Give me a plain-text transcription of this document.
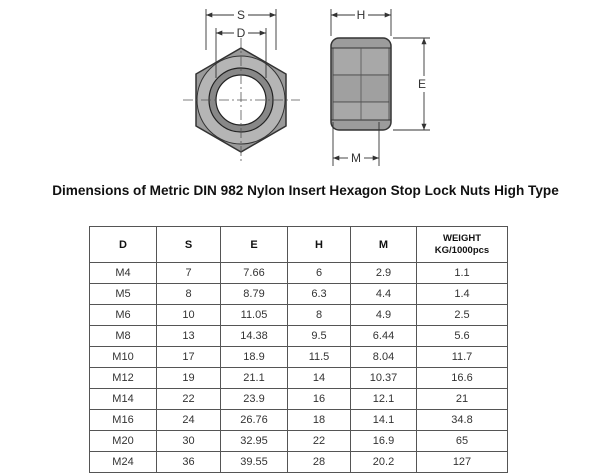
S
D
H
E
M
Dimensions of Metric DIN 982 Nylon Insert Hexagon Stop Lock Nuts High Type
D	S	E	H	M	WEIGHT
KG/1000pcs
M4	7	7.66	6	2.9	1.1
M5	8	8.79	6.3	4.4	1.4
M6	10	11.05	8	4.9	2.5
M8	13	14.38	9.5	6.44	5.6
M10	17	18.9	11.5	8.04	11.7
M12	19	21.1	14	10.37	16.6
M14	22	23.9	16	12.1	21
M16	24	26.76	18	14.1	34.8
M20	30	32.95	22	16.9	65
M24	36	39.55	28	20.2	127
